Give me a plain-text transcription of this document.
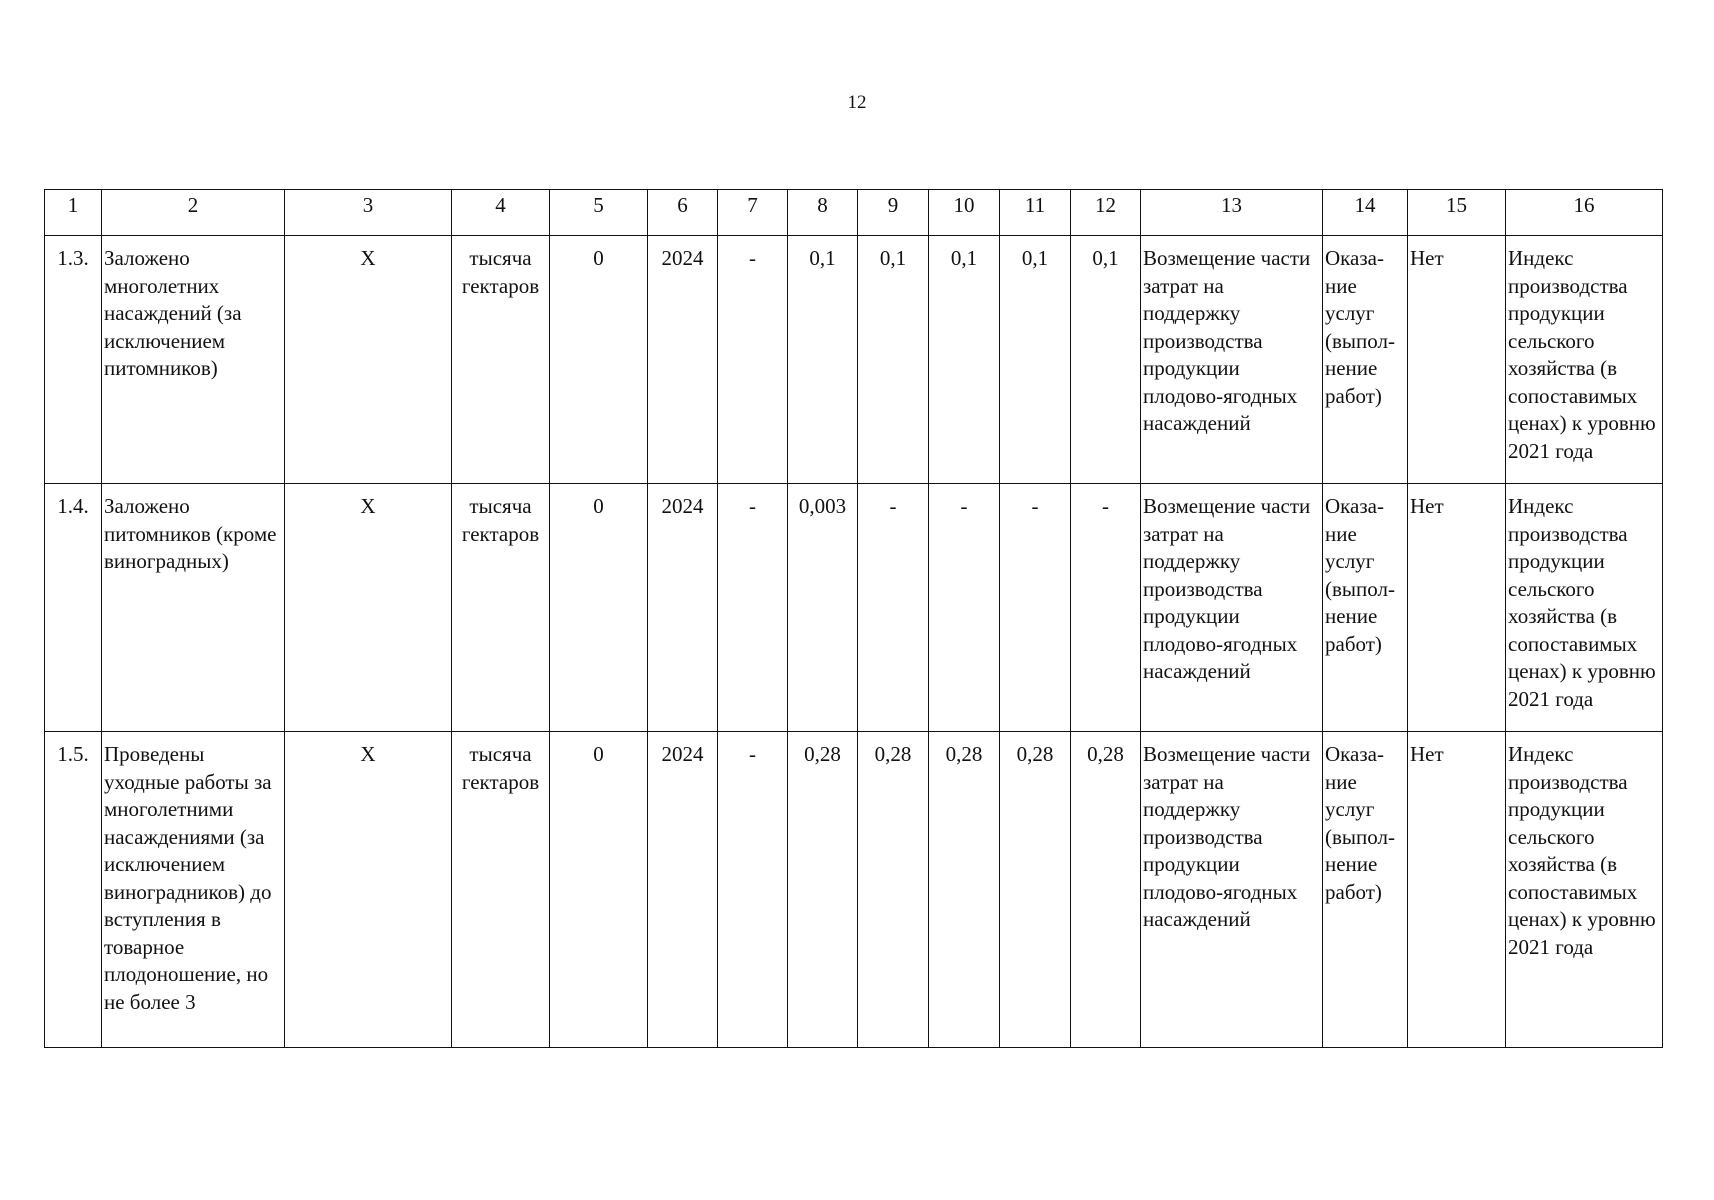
12
1	2	3	4	5	6	7	8	9	10	11	12	13	14	15	16
1.3.	Заложено многолетних насаждений (за исключением питомников)	X	тысяча гектаров	0	2024	-	0,1	0,1	0,1	0,1	0,1	Возмещение части затрат на поддержку производства продукции плодово-ягодных насаждений	Оказа-ние услуг (выпол-нение работ)	Нет	Индекс производства продукции сельского хозяйства (в сопоставимых ценах) к уровню 2021 года
1.4.	Заложено питомников (кроме виноградных)	X	тысяча гектаров	0	2024	-	0,003	-	-	-	-	Возмещение части затрат на поддержку производства продукции плодово-ягодных насаждений	Оказа-ние услуг (выпол-нение работ)	Нет	Индекс производства продукции сельского хозяйства (в сопоставимых ценах) к уровню 2021 года
1.5.	Проведены уходные работы за многолетними насаждениями (за исключением виноградников) до вступления в товарное плодоношение, но не более 3	X	тысяча гектаров	0	2024	-	0,28	0,28	0,28	0,28	0,28	Возмещение части затрат на поддержку производства продукции плодово-ягодных насаждений	Оказа-ние услуг (выпол-нение работ)	Нет	Индекс производства продукции сельского хозяйства (в сопоставимых ценах) к уровню 2021 года
